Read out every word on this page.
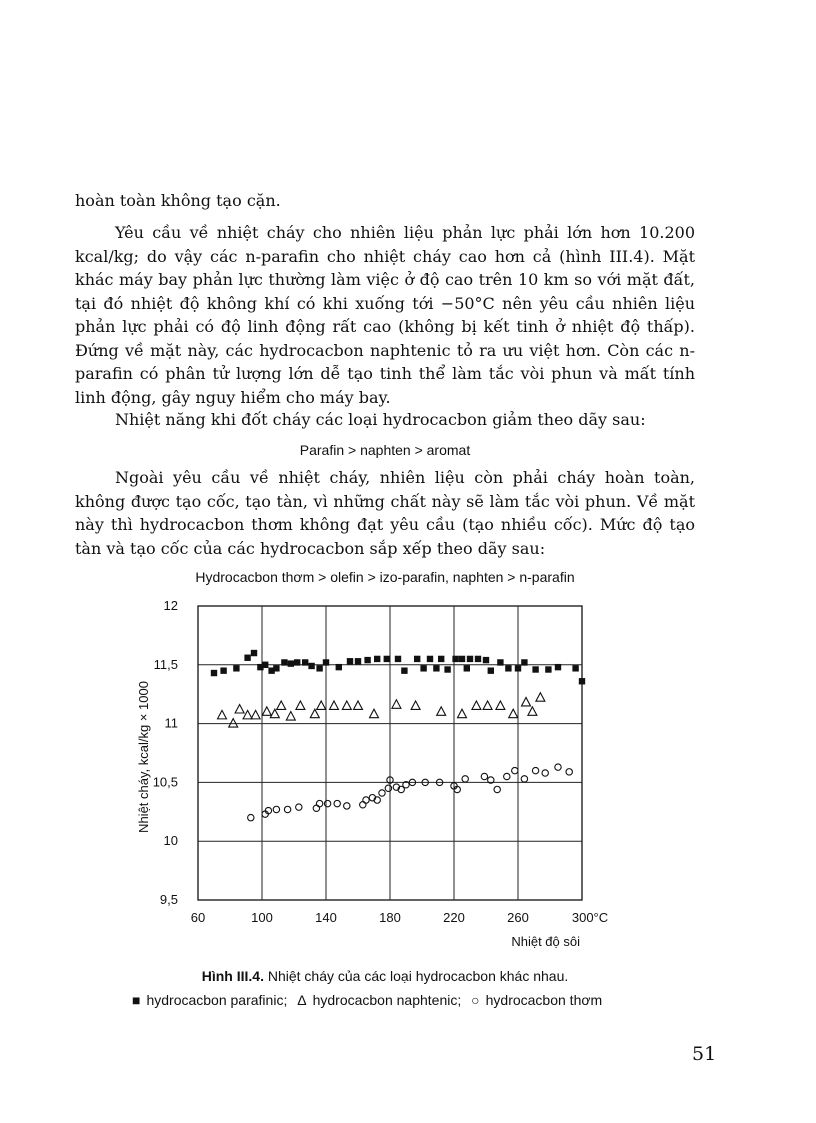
hoàn toàn không tạo cặn.

Yêu cầu về nhiệt cháy cho nhiên liệu phản lực phải lớn hơn 10.200 kcal/kg; do vậy các n-parafin cho nhiệt cháy cao hơn cả (hình III.4). Mặt khác máy bay phản lực thường làm việc ở độ cao trên 10 km so với mặt đất, tại đó nhiệt độ không khí có khi xuống tới −50°C nên yêu cầu nhiên liệu phản lực phải có độ linh động rất cao (không bị kết tinh ở nhiệt độ thấp). Đứng về mặt này, các hydrocacbon naphtenic tỏ ra ưu việt hơn. Còn các n-parafin có phân tử lượng lớn dễ tạo tinh thể làm tắc vòi phun và mất tính linh động, gây nguy hiểm cho máy bay.

Nhiệt năng khi đốt cháy các loại hydrocacbon giảm theo dãy sau:

Parafin > naphten > aromat

Ngoài yêu cầu về nhiệt cháy, nhiên liệu còn phải cháy hoàn toàn, không được tạo cốc, tạo tàn, vì những chất này sẽ làm tắc vòi phun. Về mặt này thì hydrocacbon thơm không đạt yêu cầu (tạo nhiều cốc). Mức độ tạo tàn và tạo cốc của các hydrocacbon sắp xếp theo dãy sau:

Hydrocacbon thơm > olefin > izo-parafin, naphten > n-parafin
60	100	140	180	220	260	300°C
9,5
10
10,5
11
11,5
12
Nhiệt độ sôi
Nhiệt cháy, kcal/kg × 1000
Hình III.4. Nhiệt cháy của các loại hydrocacbon khác nhau.
■ hydrocacbon parafinic; Δ hydrocacbon naphtenic; ○ hydrocacbon thơm
51
